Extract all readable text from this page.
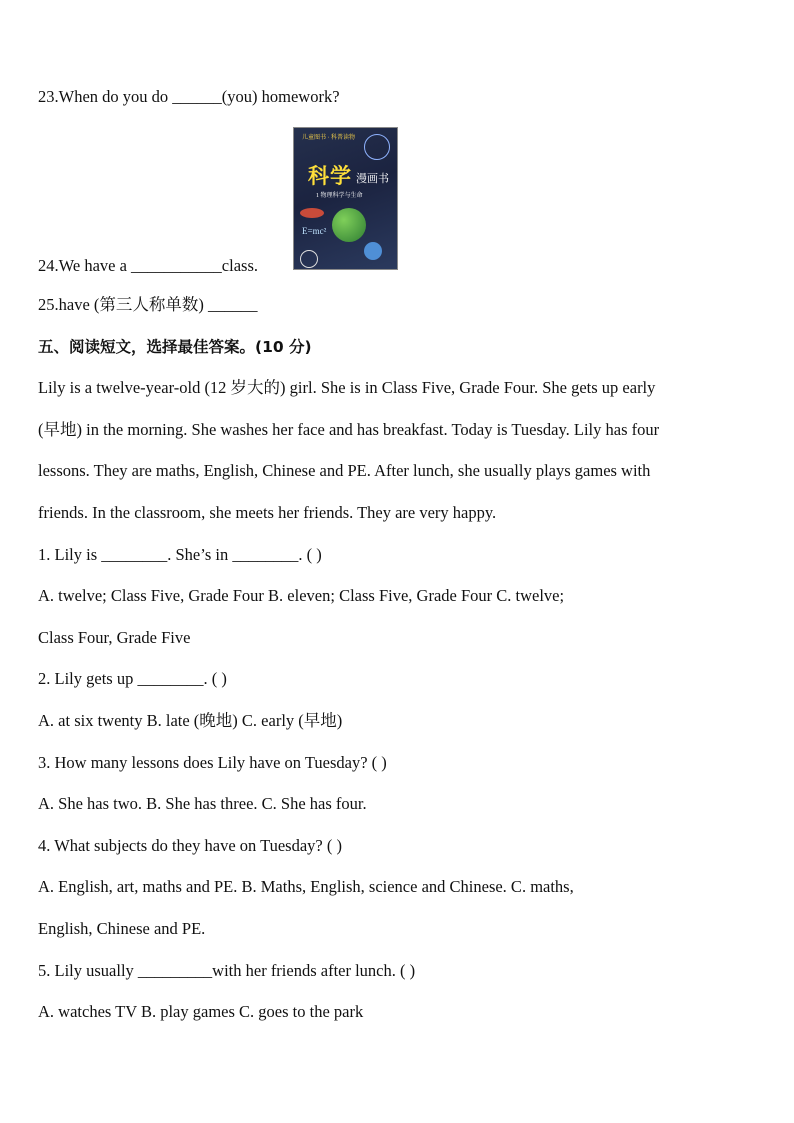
23.When do you do ______(you) homework?
儿童图书 · 科普读物
科学 漫画书
1 物理科学与生命
E=mc²
24.We have a ___________class.
25.have (第三人称单数) ______
五、阅读短文，选择最佳答案。(10 分)
Lily is a twelve-year-old (12 岁大的) girl. She is in Class Five, Grade Four. She gets up early
(早地) in the morning. She washes her face and has breakfast. Today is Tuesday. Lily has four
lessons. They are maths, English, Chinese and PE. After lunch, she usually plays games with
friends. In the classroom, she meets her friends. They are very happy.
1. Lily is ________. She’s in ________. ( )
A. twelve; Class Five, Grade Four B. eleven; Class Five, Grade Four C. twelve;
Class Four, Grade Five
2. Lily gets up ________. ( )
A. at six twenty B. late (晚地) C. early (早地)
3. How many lessons does Lily have on Tuesday? ( )
A. She has two. B. She has three. C. She has four.
4. What subjects do they have on Tuesday? ( )
A. English, art, maths and PE. B. Maths, English, science and Chinese. C. maths,
English, Chinese and PE.
5. Lily usually _________with her friends after lunch. ( )
A. watches TV B. play games C. goes to the park
